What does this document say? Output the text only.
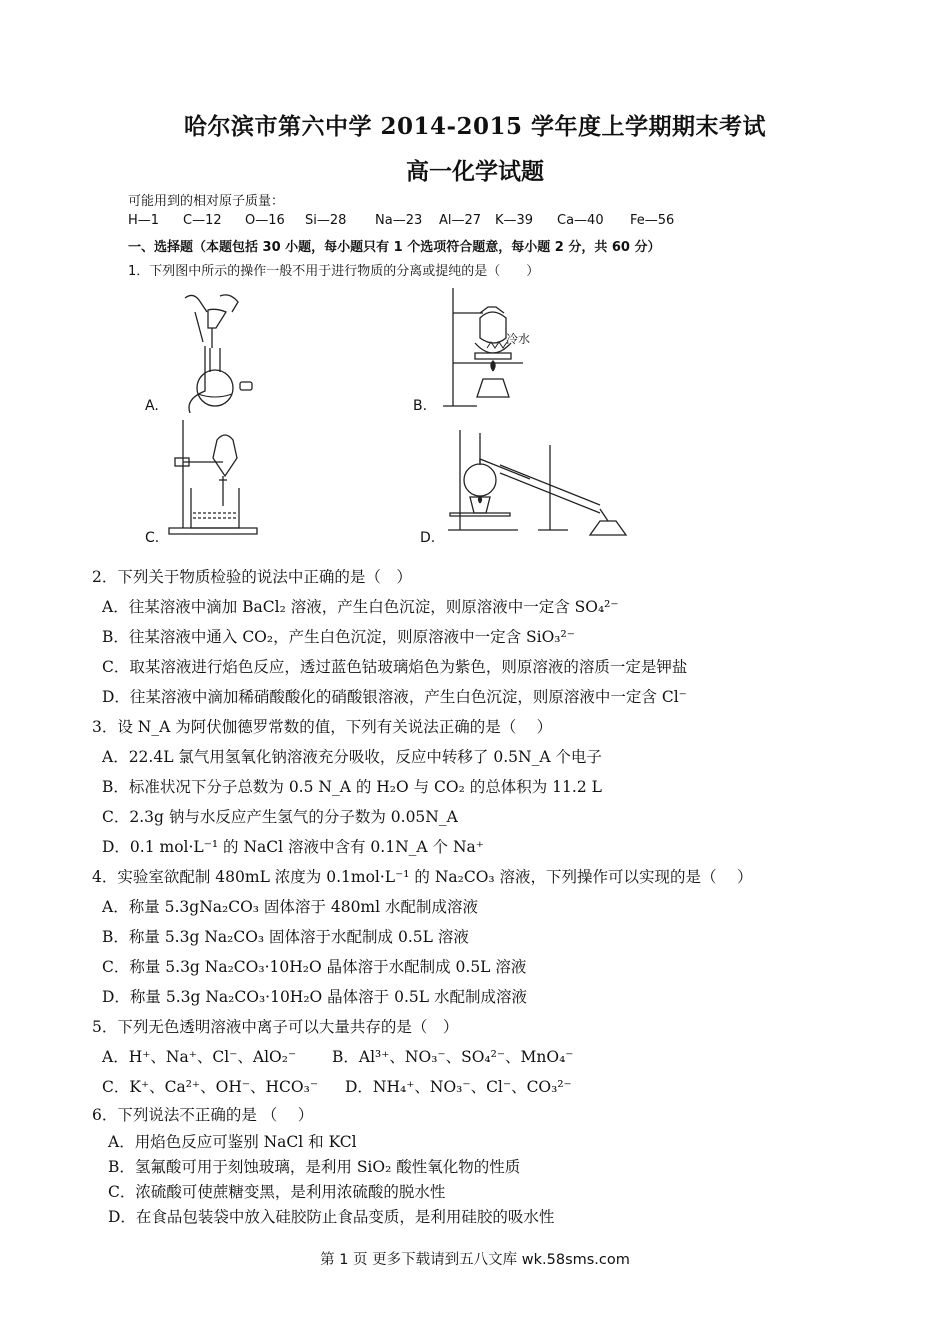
哈尔滨市第六中学 2014-2015 学年度上学期期末考试
高一化学试题
可能用到的相对原子质量：
H—1 C—12 O—16 Si—28 Na—23 Al—27 K—39 Ca—40 Fe—56
一、选择题（本题包括 30 小题，每小题只有 1 个选项符合题意，每小题 2 分，共 60 分）
1．下列图中所示的操作一般不用于进行物质的分离或提纯的是（　　）
A.
冷水
B.
C.	D.
2．下列关于物质检验的说法中正确的是（　）
A．往某溶液中滴加 BaCl₂ 溶液，产生白色沉淀，则原溶液中一定含 SO₄²⁻
B．往某溶液中通入 CO₂，产生白色沉淀，则原溶液中一定含 SiO₃²⁻
C．取某溶液进行焰色反应，透过蓝色钴玻璃焰色为紫色，则原溶液的溶质一定是钾盐
D．往某溶液中滴加稀硝酸酸化的硝酸银溶液，产生白色沉淀，则原溶液中一定含 Cl⁻
3．设 N_A 为阿伏伽德罗常数的值，下列有关说法正确的是（　 ）
A．22.4L 氯气用氢氧化钠溶液充分吸收，反应中转移了 0.5N_A 个电子
B．标准状况下分子总数为 0.5 N_A 的 H₂O 与 CO₂ 的总体积为 11.2 L
C．2.3g 钠与水反应产生氢气的分子数为 0.05N_A
D．0.1 mol·L⁻¹ 的 NaCl 溶液中含有 0.1N_A 个 Na⁺
4．实验室欲配制 480mL 浓度为 0.1mol·L⁻¹ 的 Na₂CO₃ 溶液，下列操作可以实现的是（　 ）
A．称量 5.3gNa₂CO₃ 固体溶于 480ml 水配制成溶液
B．称量 5.3g Na₂CO₃ 固体溶于水配制成 0.5L 溶液
C．称量 5.3g Na₂CO₃·10H₂O 晶体溶于水配制成 0.5L 溶液
D．称量 5.3g Na₂CO₃·10H₂O 晶体溶于 0.5L 水配制成溶液
5．下列无色透明溶液中离子可以大量共存的是（　）
A．H⁺、Na⁺、Cl⁻、AlO₂⁻ B．Al³⁺、NO₃⁻、SO₄²⁻、MnO₄⁻
C．K⁺、Ca²⁺、OH⁻、HCO₃⁻ D．NH₄⁺、NO₃⁻、Cl⁻、CO₃²⁻
6．下列说法不正确的是 （　 ）
A．用焰色反应可鉴别 NaCl 和 KCl
B．氢氟酸可用于刻蚀玻璃，是利用 SiO₂ 酸性氧化物的性质
C．浓硫酸可使蔗糖变黑，是利用浓硫酸的脱水性
D．在食品包装袋中放入硅胶防止食品变质，是利用硅胶的吸水性
第 1 页 更多下载请到五八文库 wk.58sms.com
